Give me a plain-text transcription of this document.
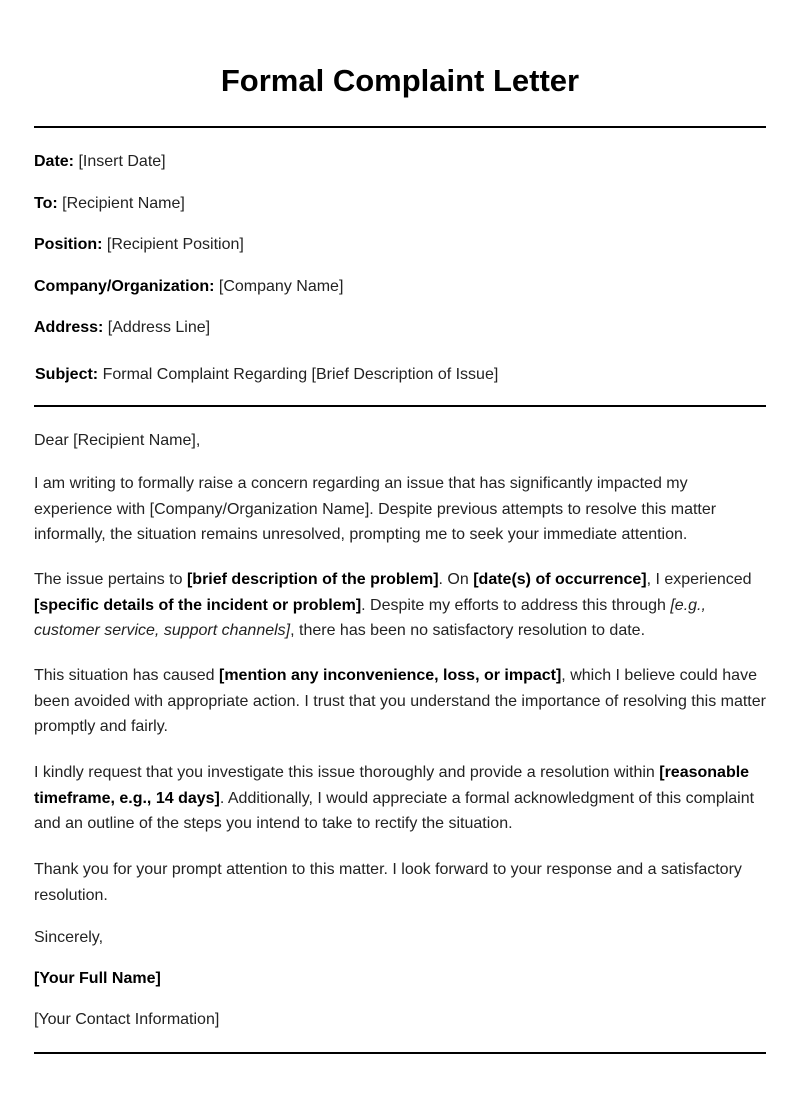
Formal Complaint Letter
Date: [Insert Date]
To: [Recipient Name]
Position: [Recipient Position]
Company/Organization: [Company Name]
Address: [Address Line]
Subject: Formal Complaint Regarding [Brief Description of Issue]

Dear [Recipient Name],

I am writing to formally raise a concern regarding an issue that has significantly impacted my experience with [Company/Organization Name]. Despite previous attempts to resolve this matter informally, the situation remains unresolved, prompting me to seek your immediate attention.

The issue pertains to [brief description of the problem]. On [date(s) of occurrence], I experienced [specific details of the incident or problem]. Despite my efforts to address this through [e.g., customer service, support channels], there has been no satisfactory resolution to date.

This situation has caused [mention any inconvenience, loss, or impact], which I believe could have been avoided with appropriate action. I trust that you understand the importance of resolving this matter promptly and fairly.

I kindly request that you investigate this issue thoroughly and provide a resolution within [reasonable timeframe, e.g., 14 days]. Additionally, I would appreciate a formal acknowledgment of this complaint and an outline of the steps you intend to take to rectify the situation.

Thank you for your prompt attention to this matter. I look forward to your response and a satisfactory resolution.

Sincerely,

[Your Full Name]

[Your Contact Information]
